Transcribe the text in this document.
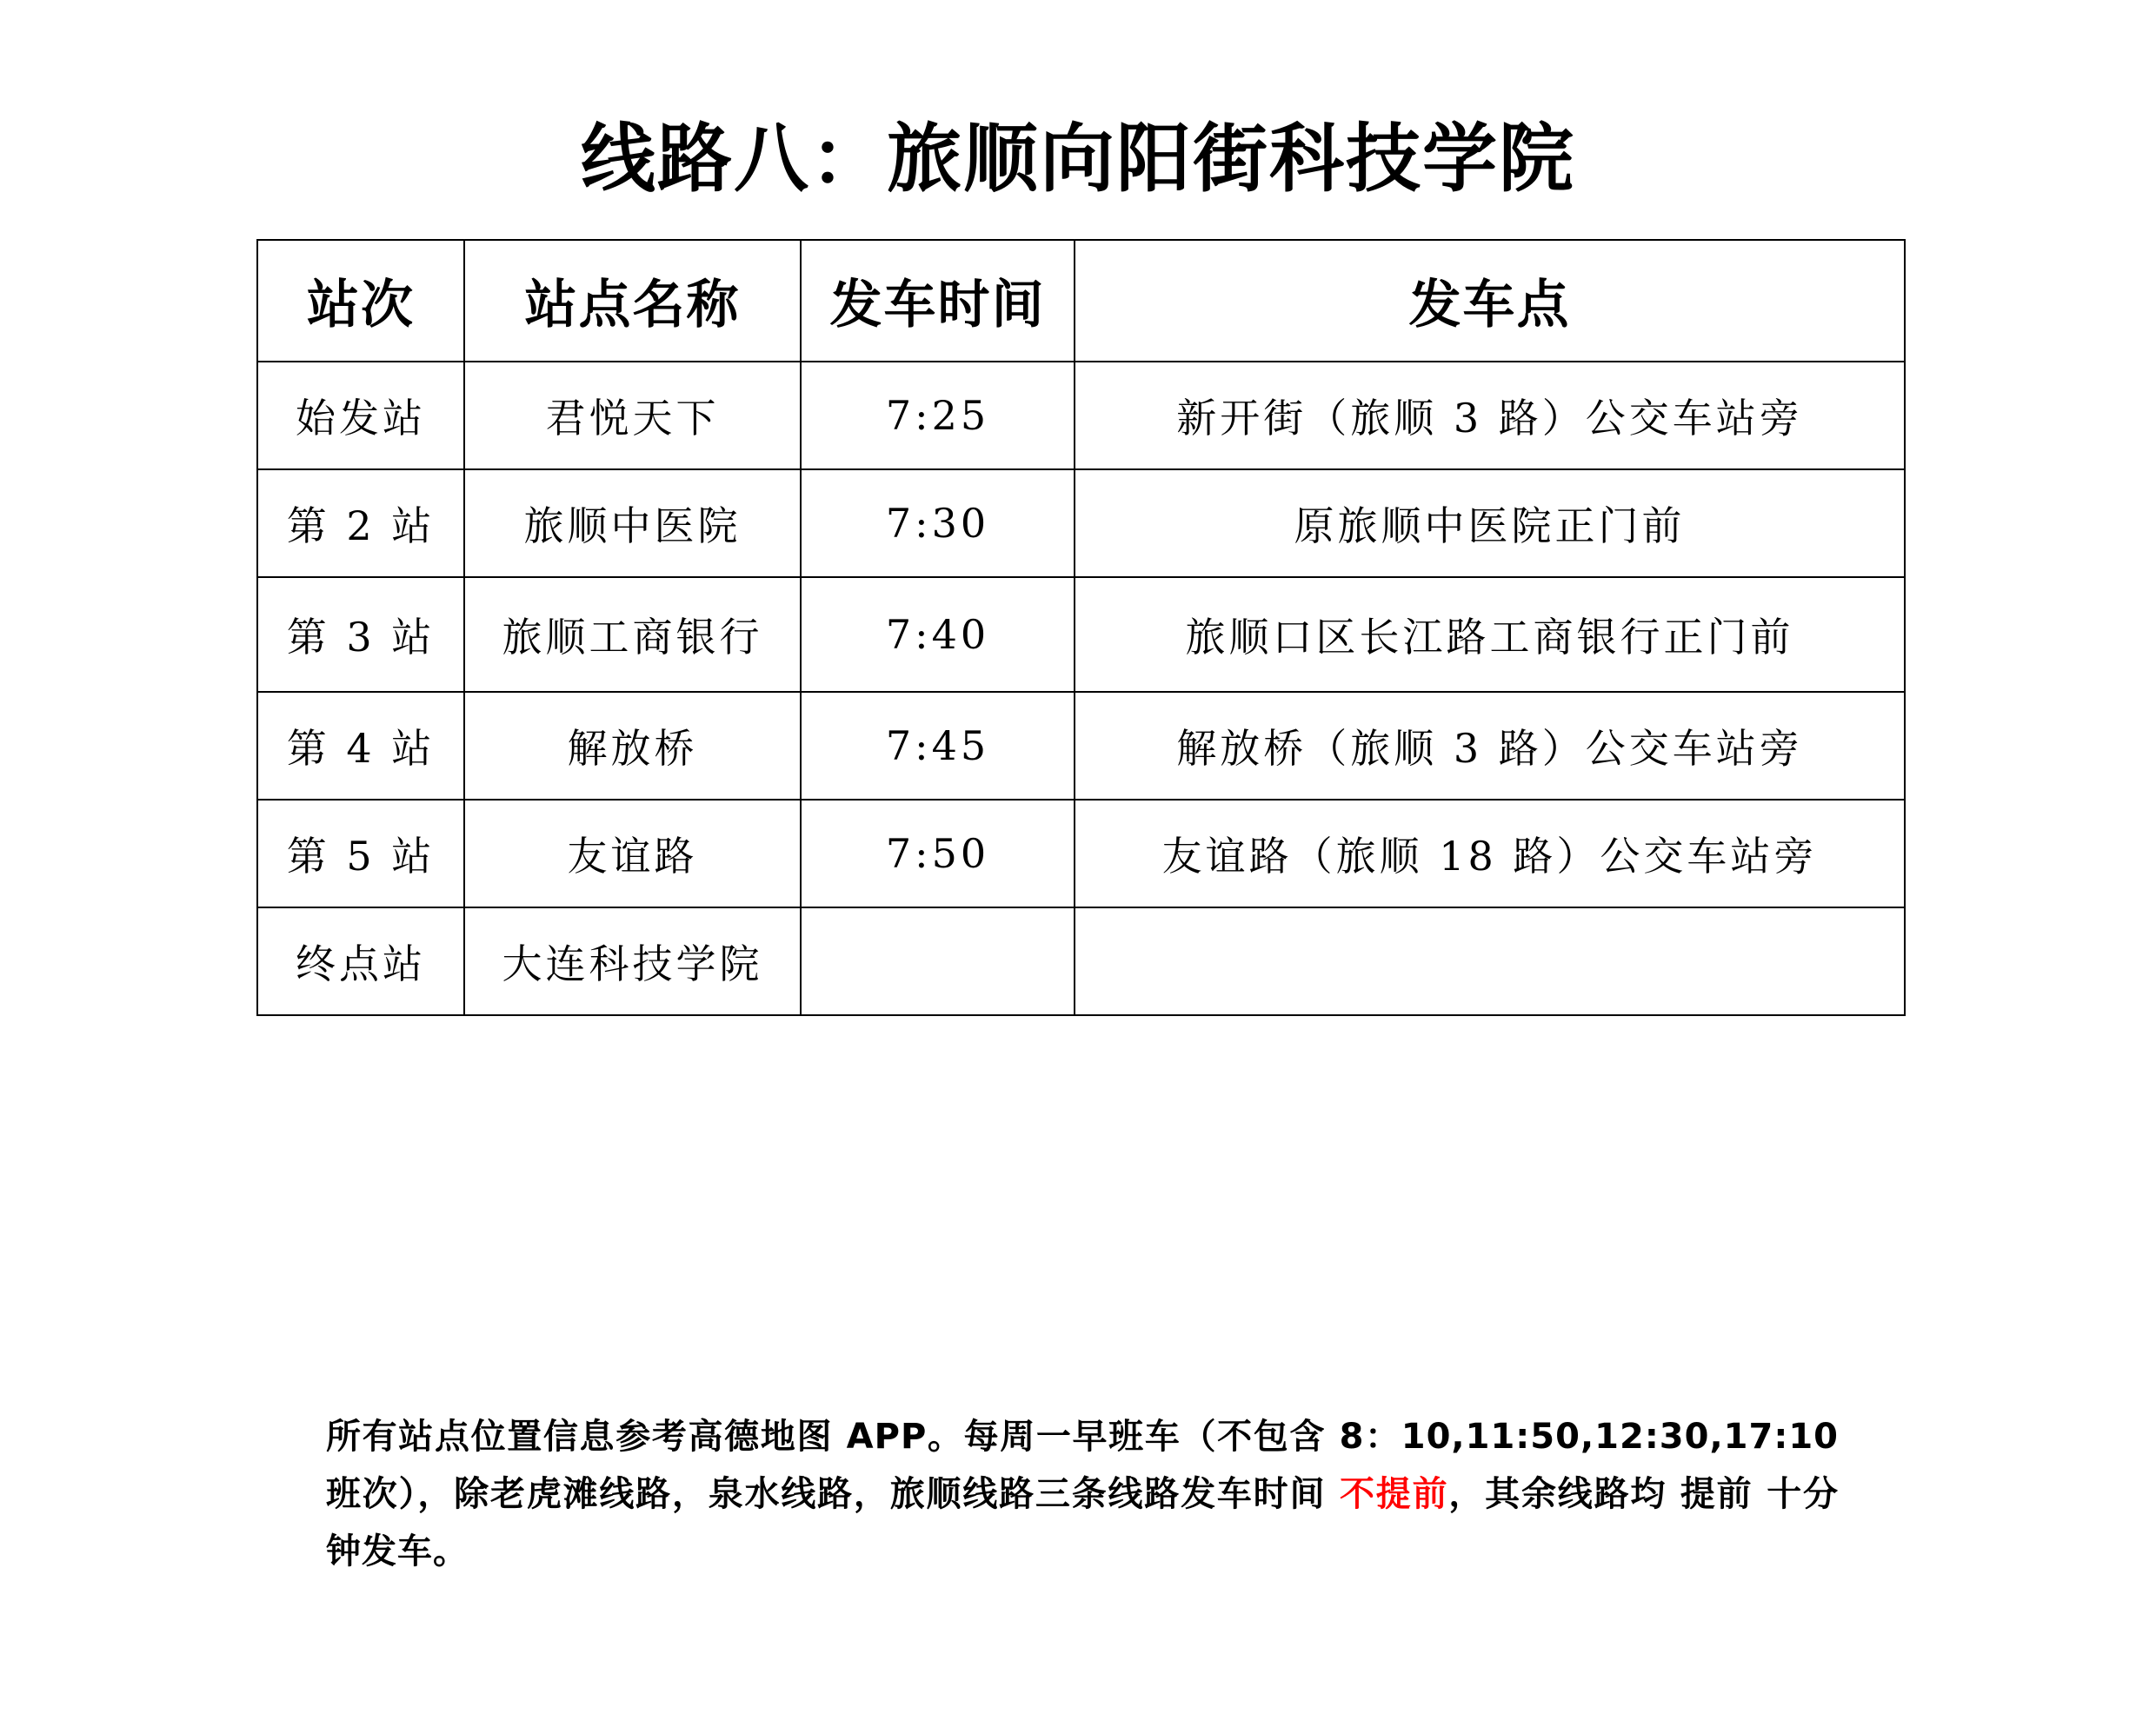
线路八：旅顺向阳街科技学院
站次	站点名称	发车时间	发车点
始发站	君悦天下	7:25	新开街（旅顺 3 路）公交车站旁
第 2 站	旅顺中医院	7:30	原旅顺中医院正门前
第 3 站	旅顺工商银行	7:40	旅顺口区长江路工商银行正门前
第 4 站	解放桥	7:45	解放桥（旅顺 3 路）公交车站旁
第 5 站	友谊路	7:50	友谊路（旅顺 18 路）公交车站旁
终点站	大连科技学院		
所有站点位置信息参考高德地图 APP。每周一早班车（不包含 8：10,11:50,12:30,17:10 班次），除老虎滩线路，泉水线路，旅顺线路三条线路发车时间 不提前，其余线路均 提前 十分钟发车。
